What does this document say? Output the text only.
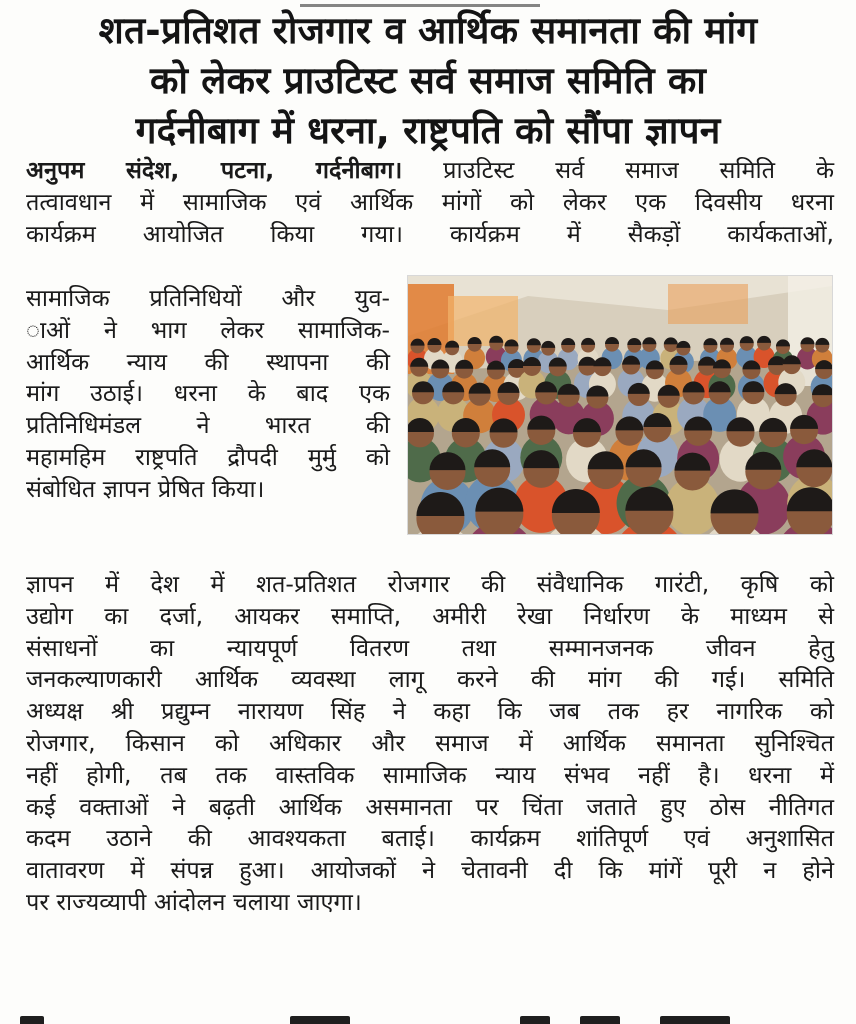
शत-प्रतिशत रोजगार व आर्थिक समानता की मांग
को लेकर प्राउटिस्ट सर्व समाज समिति का
गर्दनीबाग में धरना, राष्ट्रपति को सौंपा ज्ञापन
अनुपम संदेश, पटना, गर्दनीबाग। प्राउटिस्ट सर्व समाज समिति के
तत्वावधान में सामाजिक एवं आर्थिक मांगों को लेकर एक दिवसीय धरना
कार्यक्रम आयोजित किया गया। कार्यक्रम में सैकड़ों कार्यकताओं,
सामाजिक प्रतिनिधियों और युव-
ाओं ने भाग लेकर सामाजिक-
आर्थिक न्याय की स्थापना की
मांग उठाई। धरना के बाद एक
प्रतिनिधिमंडल ने भारत की
महामहिम राष्ट्रपति द्रौपदी मुर्मु को
संबोधित ज्ञापन प्रेषित किया।
ज्ञापन में देश में शत-प्रतिशत रोजगार की संवैधानिक गारंटी, कृषि को
उद्योग का दर्जा, आयकर समाप्ति, अमीरी रेखा निर्धारण के माध्यम से
संसाधनों का न्यायपूर्ण वितरण तथा सम्मानजनक जीवन हेतु
जनकल्याणकारी आर्थिक व्यवस्था लागू करने की मांग की गई। समिति
अध्यक्ष श्री प्रद्युम्न नारायण सिंह ने कहा कि जब तक हर नागरिक को
रोजगार, किसान को अधिकार और समाज में आर्थिक समानता सुनिश्चित
नहीं होगी, तब तक वास्तविक सामाजिक न्याय संभव नहीं है। धरना में
कई वक्ताओं ने बढ़ती आर्थिक असमानता पर चिंता जताते हुए ठोस नीतिगत
कदम उठाने की आवश्यकता बताई। कार्यक्रम शांतिपूर्ण एवं अनुशासित
वातावरण में संपन्न हुआ। आयोजकों ने चेतावनी दी कि मांगें पूरी न होने
पर राज्यव्यापी आंदोलन चलाया जाएगा।
